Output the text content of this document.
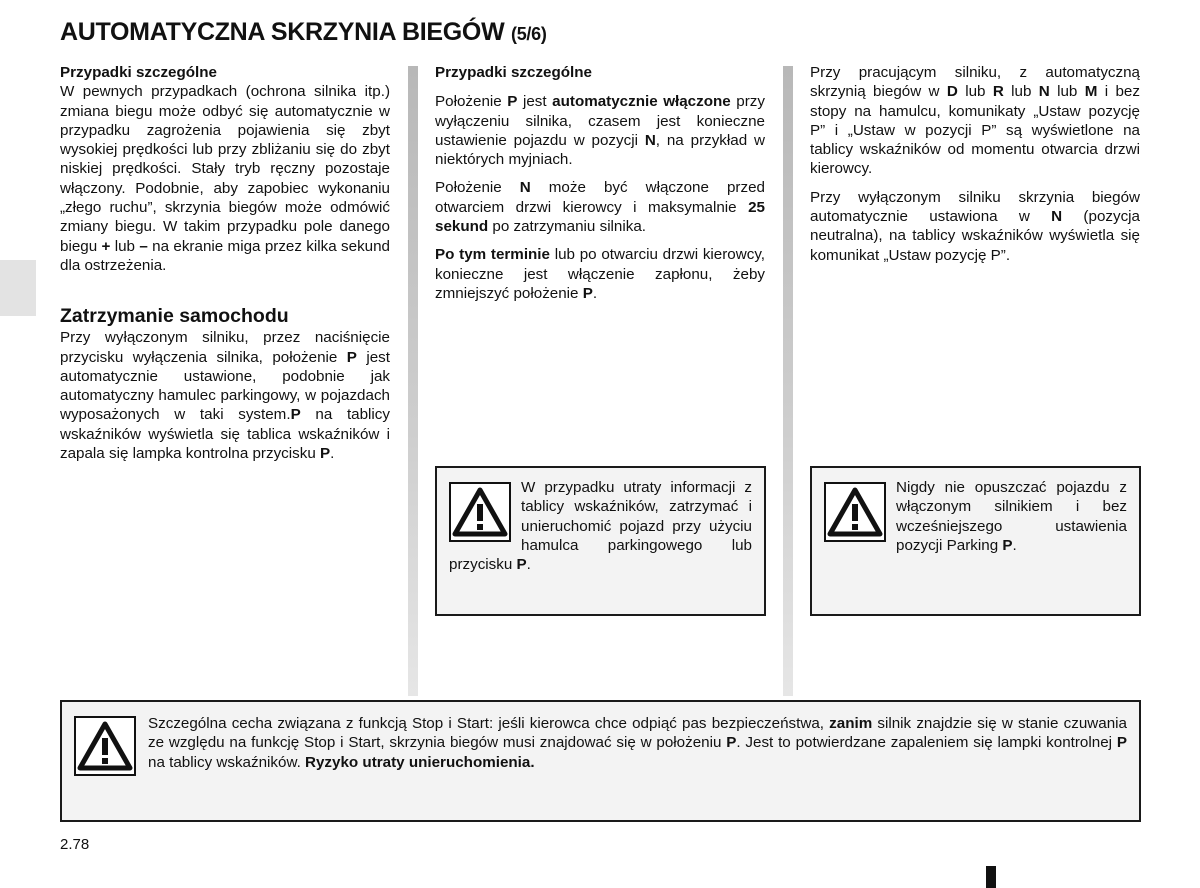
AUTOMATYCZNA SKRZYNIA BIEGÓW (5/6)
Przypadki szczególne

W pewnych przypadkach (ochrona silnika itp.) zmiana biegu może odbyć się automatycznie w przypadku zagrożenia pojawienia się zbyt wysokiej prędkości lub przy zbliżaniu się do zbyt niskiej prędkości. Stały tryb ręczny pozostaje włączony. Podobnie, aby zapobiec wykonaniu „złego ruchu”, skrzynia biegów może odmówić zmiany biegu. W takim przypadku pole danego biegu + lub – na ekranie miga przez kilka sekund dla ostrzeżenia.

Zatrzymanie samochodu

Przy wyłączonym silniku, przez naciśnięcie przycisku wyłączenia silnika, położenie P jest automatycznie ustawione, podobnie jak automatyczny hamulec parkingowy, w pojazdach wyposażonych w taki system.P na tablicy wskaźników wyświetla się tablica wskaźników i zapala się lampka kontrolna przycisku P.

Przypadki szczególne

Położenie P jest automatycznie włączone przy wyłączeniu silnika, czasem jest konieczne ustawienie pojazdu w pozycji N, na przykład w niektórych myjniach.

Położenie N może być włączone przed otwarciem drzwi kierowcy i maksymalnie 25 sekund po zatrzymaniu silnika.

Po tym terminie lub po otwarciu drzwi kierowcy, konieczne jest włączenie zapłonu, żeby zmniejszyć położenie P.

Przy pracującym silniku, z automatyczną skrzynią biegów w D lub R lub N lub M i bez stopy na hamulcu, komunikaty „Ustaw pozycję P” i „Ustaw w pozycji P” są wyświetlone na tablicy wskaźników od momentu otwarcia drzwi kierowcy.

Przy wyłączonym silniku skrzynia biegów automatycznie ustawiona w N (pozycja neutralna), na tablicy wskaźników wyświetla się komunikat „Ustaw pozycję P”.

W przypadku utraty informacji z tablicy wskaźników, zatrzymać i unieruchomić pojazd przy użyciu hamulca parkingowego lub przycisku P.

Nigdy nie opuszczać pojazdu z włączonym silnikiem i bez wcześniejszego ustawienia pozycji Parking P.

Szczególna cecha związana z funkcją Stop i Start: jeśli kierowca chce odpiąć pas bezpieczeństwa, zanim silnik znajdzie się w stanie czuwania ze względu na funkcję Stop i Start, skrzynia biegów musi znajdować się w położeniu P. Jest to potwierdzane zapaleniem się lampki kontrolnej P na tablicy wskaźników. Ryzyko utraty unieruchomienia.

2.78
